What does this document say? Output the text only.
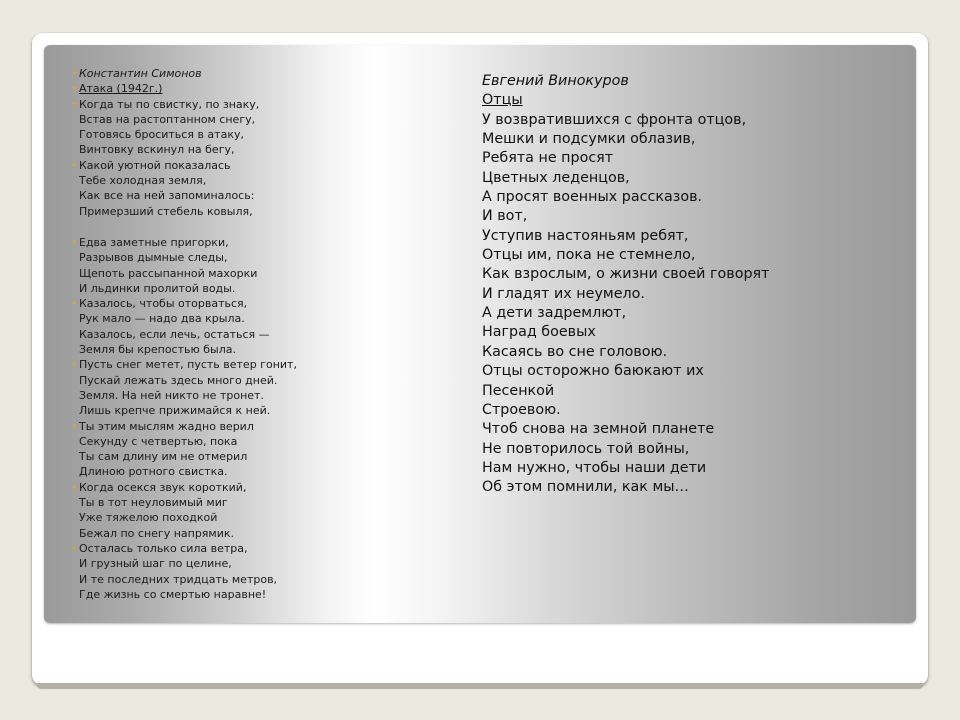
• Константин Симонов
• Атака (1942г.)
• Когда ты по свистку, по знаку,
Встав на растоптанном снегу,
Готовясь броситься в атаку,
Винтовку вскинул на бегу,
• Какой уютной показалась
Тебе холодная земля,
Как все на ней запоминалось:
Примерзший стебель ковыля,
• Едва заметные пригорки,
Разрывов дымные следы,
Щепоть рассыпанной махорки
И льдинки пролитой воды.
• Казалось, чтобы оторваться,
Рук мало — надо два крыла.
Казалось, если лечь, остаться —
Земля бы крепостью была.
• Пусть снег метет, пусть ветер гонит,
Пускай лежать здесь много дней.
Земля. На ней никто не тронет.
Лишь крепче прижимайся к ней.
• Ты этим мыслям жадно верил
Секунду с четвертью, пока
Ты сам длину им не отмерил
Длиною ротного свистка.
• Когда осекся звук короткий,
Ты в тот неуловимый миг
Уже тяжелою походкой
Бежал по снегу напрямик.
• Осталась только сила ветра,
И грузный шаг по целине,
И те последних тридцать метров,
Где жизнь со смертью наравне!
Евгений Винокуров
Отцы
У возвратившихся с фронта отцов,
Мешки и подсумки облазив,
Ребята не просят
Цветных леденцов,
А просят военных рассказов.
И вот,
Уступив настояньям ребят,
Отцы им, пока не стемнело,
Как взрослым, о жизни своей говорят
И гладят их неумело.
А дети задремлют,
Наград боевых
Касаясь во сне головою.
Отцы осторожно баюкают их
Песенкой
Строевою.
Чтоб снова на земной планете
Не повторилось той войны,
Нам нужно, чтобы наши дети
Об этом помнили, как мы…
